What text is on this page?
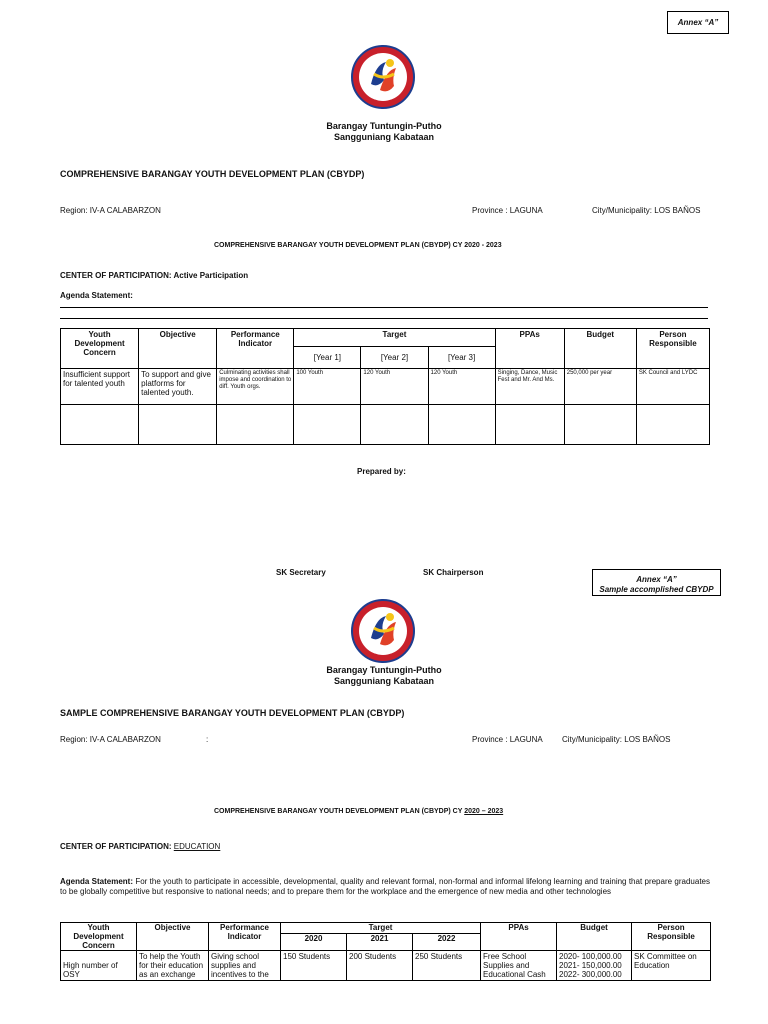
Annex “A”
Barangay Tuntungin-Putho
Sangguniang Kabataan
COMPREHENSIVE BARANGAY YOUTH DEVELOPMENT PLAN (CBYDP)
Region: IV-A CALABARZON	Province : LAGUNA	City/Municipality: LOS BAÑOS
COMPREHENSIVE BARANGAY YOUTH DEVELOPMENT PLAN (CBYDP) CY 2020 - 2023
CENTER OF PARTICIPATION: Active Participation
Agenda Statement:
Youth Development Concern	Objective	Performance Indicator	Target			PPAs	Budget	Person Responsible
			[Year 1]	[Year 2]	[Year 3]			
Insufficient support for talented youth	To support and give platforms for talented youth.	Culminating activities shall impose and coordination to diff. Youth orgs.	100 Youth	120 Youth	120 Youth	Singing, Dance, Music Fest and Mr. And Ms.	250,000 per year	SK Council and LYDC

Prepared by:
SK Secretary	SK Chairperson
Annex “A”
Sample accomplished CBYDP
Barangay Tuntungin-Putho
Sangguniang Kabataan
SAMPLE COMPREHENSIVE BARANGAY YOUTH DEVELOPMENT PLAN (CBYDP)
Region: IV-A CALABARZON	:	Province : LAGUNA City/Municipality: LOS BAÑOS
COMPREHENSIVE BARANGAY YOUTH DEVELOPMENT PLAN (CBYDP) CY 2020 – 2023
CENTER OF PARTICIPATION: EDUCATION
Agenda Statement: For the youth to participate in accessible, developmental, quality and relevant formal, non-formal and informal lifelong learning and training that prepare graduates to be globally competitive but responsive to national needs; and to prepare them for the workplace and the emergence of new media and other technologies
Youth Development Concern	Objective	Performance Indicator	Target			PPAs	Budget	Person Responsible
			2020	2021	2022			
High number of OSY	To help the Youth for their education as an exchange	Giving school supplies and incentives to the	150 Students	200 Students	250 Students	Free School Supplies and Educational Cash	2020- 100,000.00
2021- 150,000.00
2022- 300,000.00	SK Committee on Education
